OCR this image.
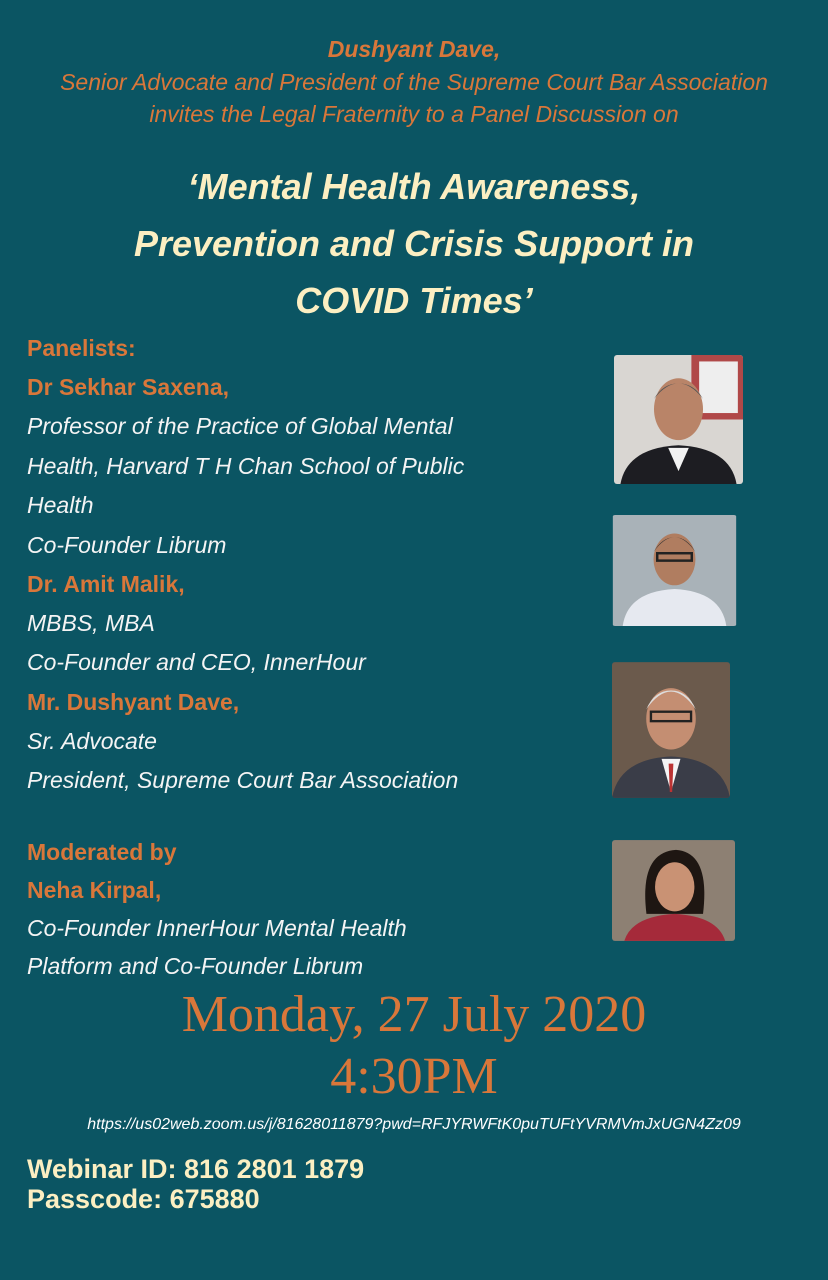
Dushyant Dave,
Senior Advocate and President of the Supreme Court Bar Association
invites the Legal Fraternity to a Panel Discussion on
‘Mental Health Awareness,
Prevention and Crisis Support in
COVID Times’
Panelists:
Dr Sekhar Saxena,
Professor of the Practice of Global Mental
Health, Harvard T H Chan School of Public
Health
Co-Founder Librum
Dr. Amit Malik,
MBBS, MBA
Co-Founder and CEO, InnerHour
Mr. Dushyant Dave,
Sr. Advocate
President, Supreme Court Bar Association
Moderated by
Neha Kirpal,
Co-Founder InnerHour Mental Health
Platform and Co-Founder Librum
Monday, 27 July 2020
4:30PM
https://us02web.zoom.us/j/81628011879?pwd=RFJYRWFtK0puTUFtYVRMVmJxUGN4Zz09
Webinar ID: 816 2801 1879
Passcode: 675880
